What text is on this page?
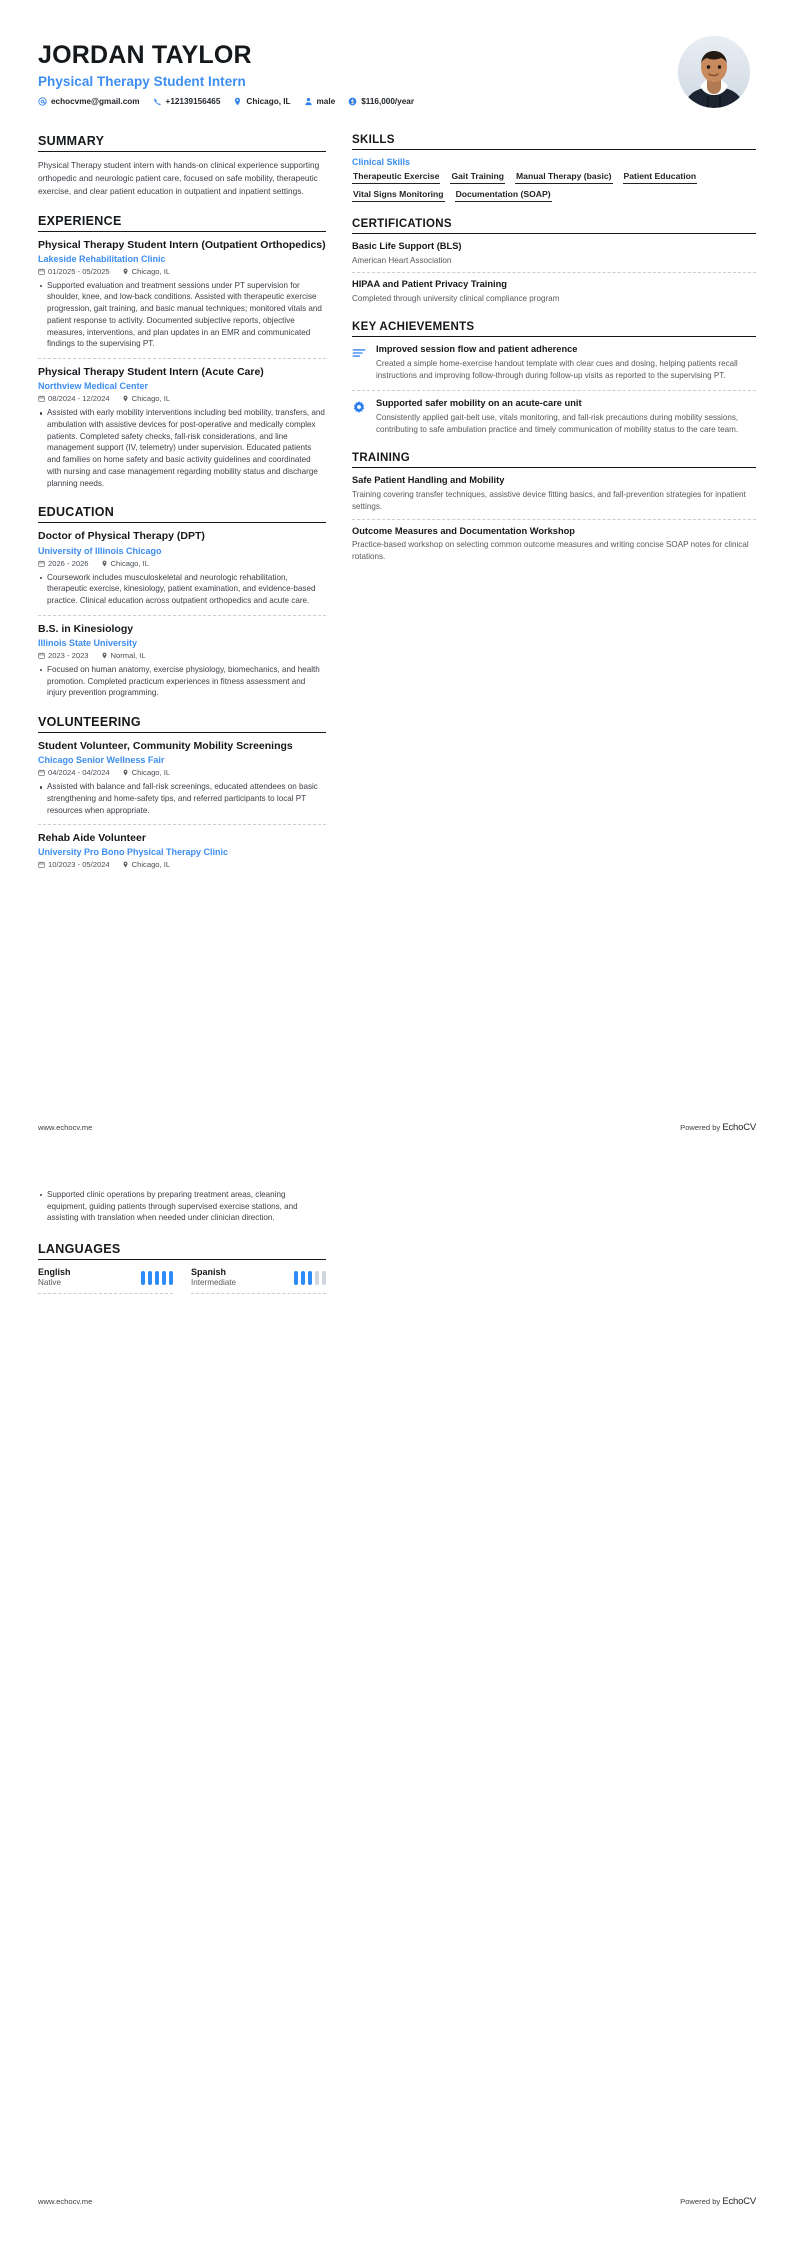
JORDAN TAYLOR
Physical Therapy Student Intern
echocvme@gmail.com	+12139156465	Chicago, IL	male	$116,000/year
SUMMARY
Physical Therapy student intern with hands-on clinical experience supporting orthopedic and neurologic patient care, focused on safe mobility, therapeutic exercise, and clear patient education in outpatient and inpatient settings.
EXPERIENCE
Physical Therapy Student Intern (Outpatient Orthopedics)
Lakeside Rehabilitation Clinic
01/2025 - 05/2025	Chicago, IL
Supported evaluation and treatment sessions under PT supervision for shoulder, knee, and low-back conditions. Assisted with therapeutic exercise progression, gait training, and basic manual techniques; monitored vitals and patient response to activity. Documented subjective reports, objective measures, interventions, and plan updates in an EMR and communicated findings to the supervising PT.
Physical Therapy Student Intern (Acute Care)
Northview Medical Center
08/2024 - 12/2024	Chicago, IL
Assisted with early mobility interventions including bed mobility, transfers, and ambulation with assistive devices for post-operative and medically complex patients. Completed safety checks, fall-risk considerations, and line management support (IV, telemetry) under supervision. Educated patients and families on home safety and basic activity guidelines and coordinated with nursing and case management regarding mobility status and discharge planning needs.
EDUCATION
Doctor of Physical Therapy (DPT)
University of Illinois Chicago
2026 - 2026	Chicago, IL
Coursework includes musculoskeletal and neurologic rehabilitation, therapeutic exercise, kinesiology, patient examination, and evidence-based practice. Clinical education across outpatient orthopedics and acute care.
B.S. in Kinesiology
Illinois State University
2023 - 2023	Normal, IL
Focused on human anatomy, exercise physiology, biomechanics, and health promotion. Completed practicum experiences in fitness assessment and injury prevention programming.
VOLUNTEERING
Student Volunteer, Community Mobility Screenings
Chicago Senior Wellness Fair
04/2024 - 04/2024	Chicago, IL
Assisted with balance and fall-risk screenings, educated attendees on basic strengthening and home-safety tips, and referred participants to local PT resources when appropriate.
Rehab Aide Volunteer
University Pro Bono Physical Therapy Clinic
10/2023 - 05/2024	Chicago, IL
SKILLS
Clinical Skills
Therapeutic Exercise Gait Training Manual Therapy (basic) Patient Education
Vital Signs Monitoring Documentation (SOAP)
CERTIFICATIONS
Basic Life Support (BLS)
American Heart Association
HIPAA and Patient Privacy Training
Completed through university clinical compliance program
KEY ACHIEVEMENTS
Improved session flow and patient adherence
Created a simple home-exercise handout template with clear cues and dosing, helping patients recall instructions and improving follow-through during follow-up visits as reported to the supervising PT.
Supported safer mobility on an acute-care unit
Consistently applied gait-belt use, vitals monitoring, and fall-risk precautions during mobility sessions, contributing to safe ambulation practice and timely communication of mobility status to the care team.
TRAINING
Safe Patient Handling and Mobility
Training covering transfer techniques, assistive device fitting basics, and fall-prevention strategies for inpatient settings.
Outcome Measures and Documentation Workshop
Practice-based workshop on selecting common outcome measures and writing concise SOAP notes for clinical rotations.
www.echocv.me	Powered by EchoCV
Supported clinic operations by preparing treatment areas, cleaning equipment, guiding patients through supervised exercise stations, and assisting with translation when needed under clinician direction.
LANGUAGES
English
Native
Spanish
Intermediate
www.echocv.me	Powered by EchoCV
